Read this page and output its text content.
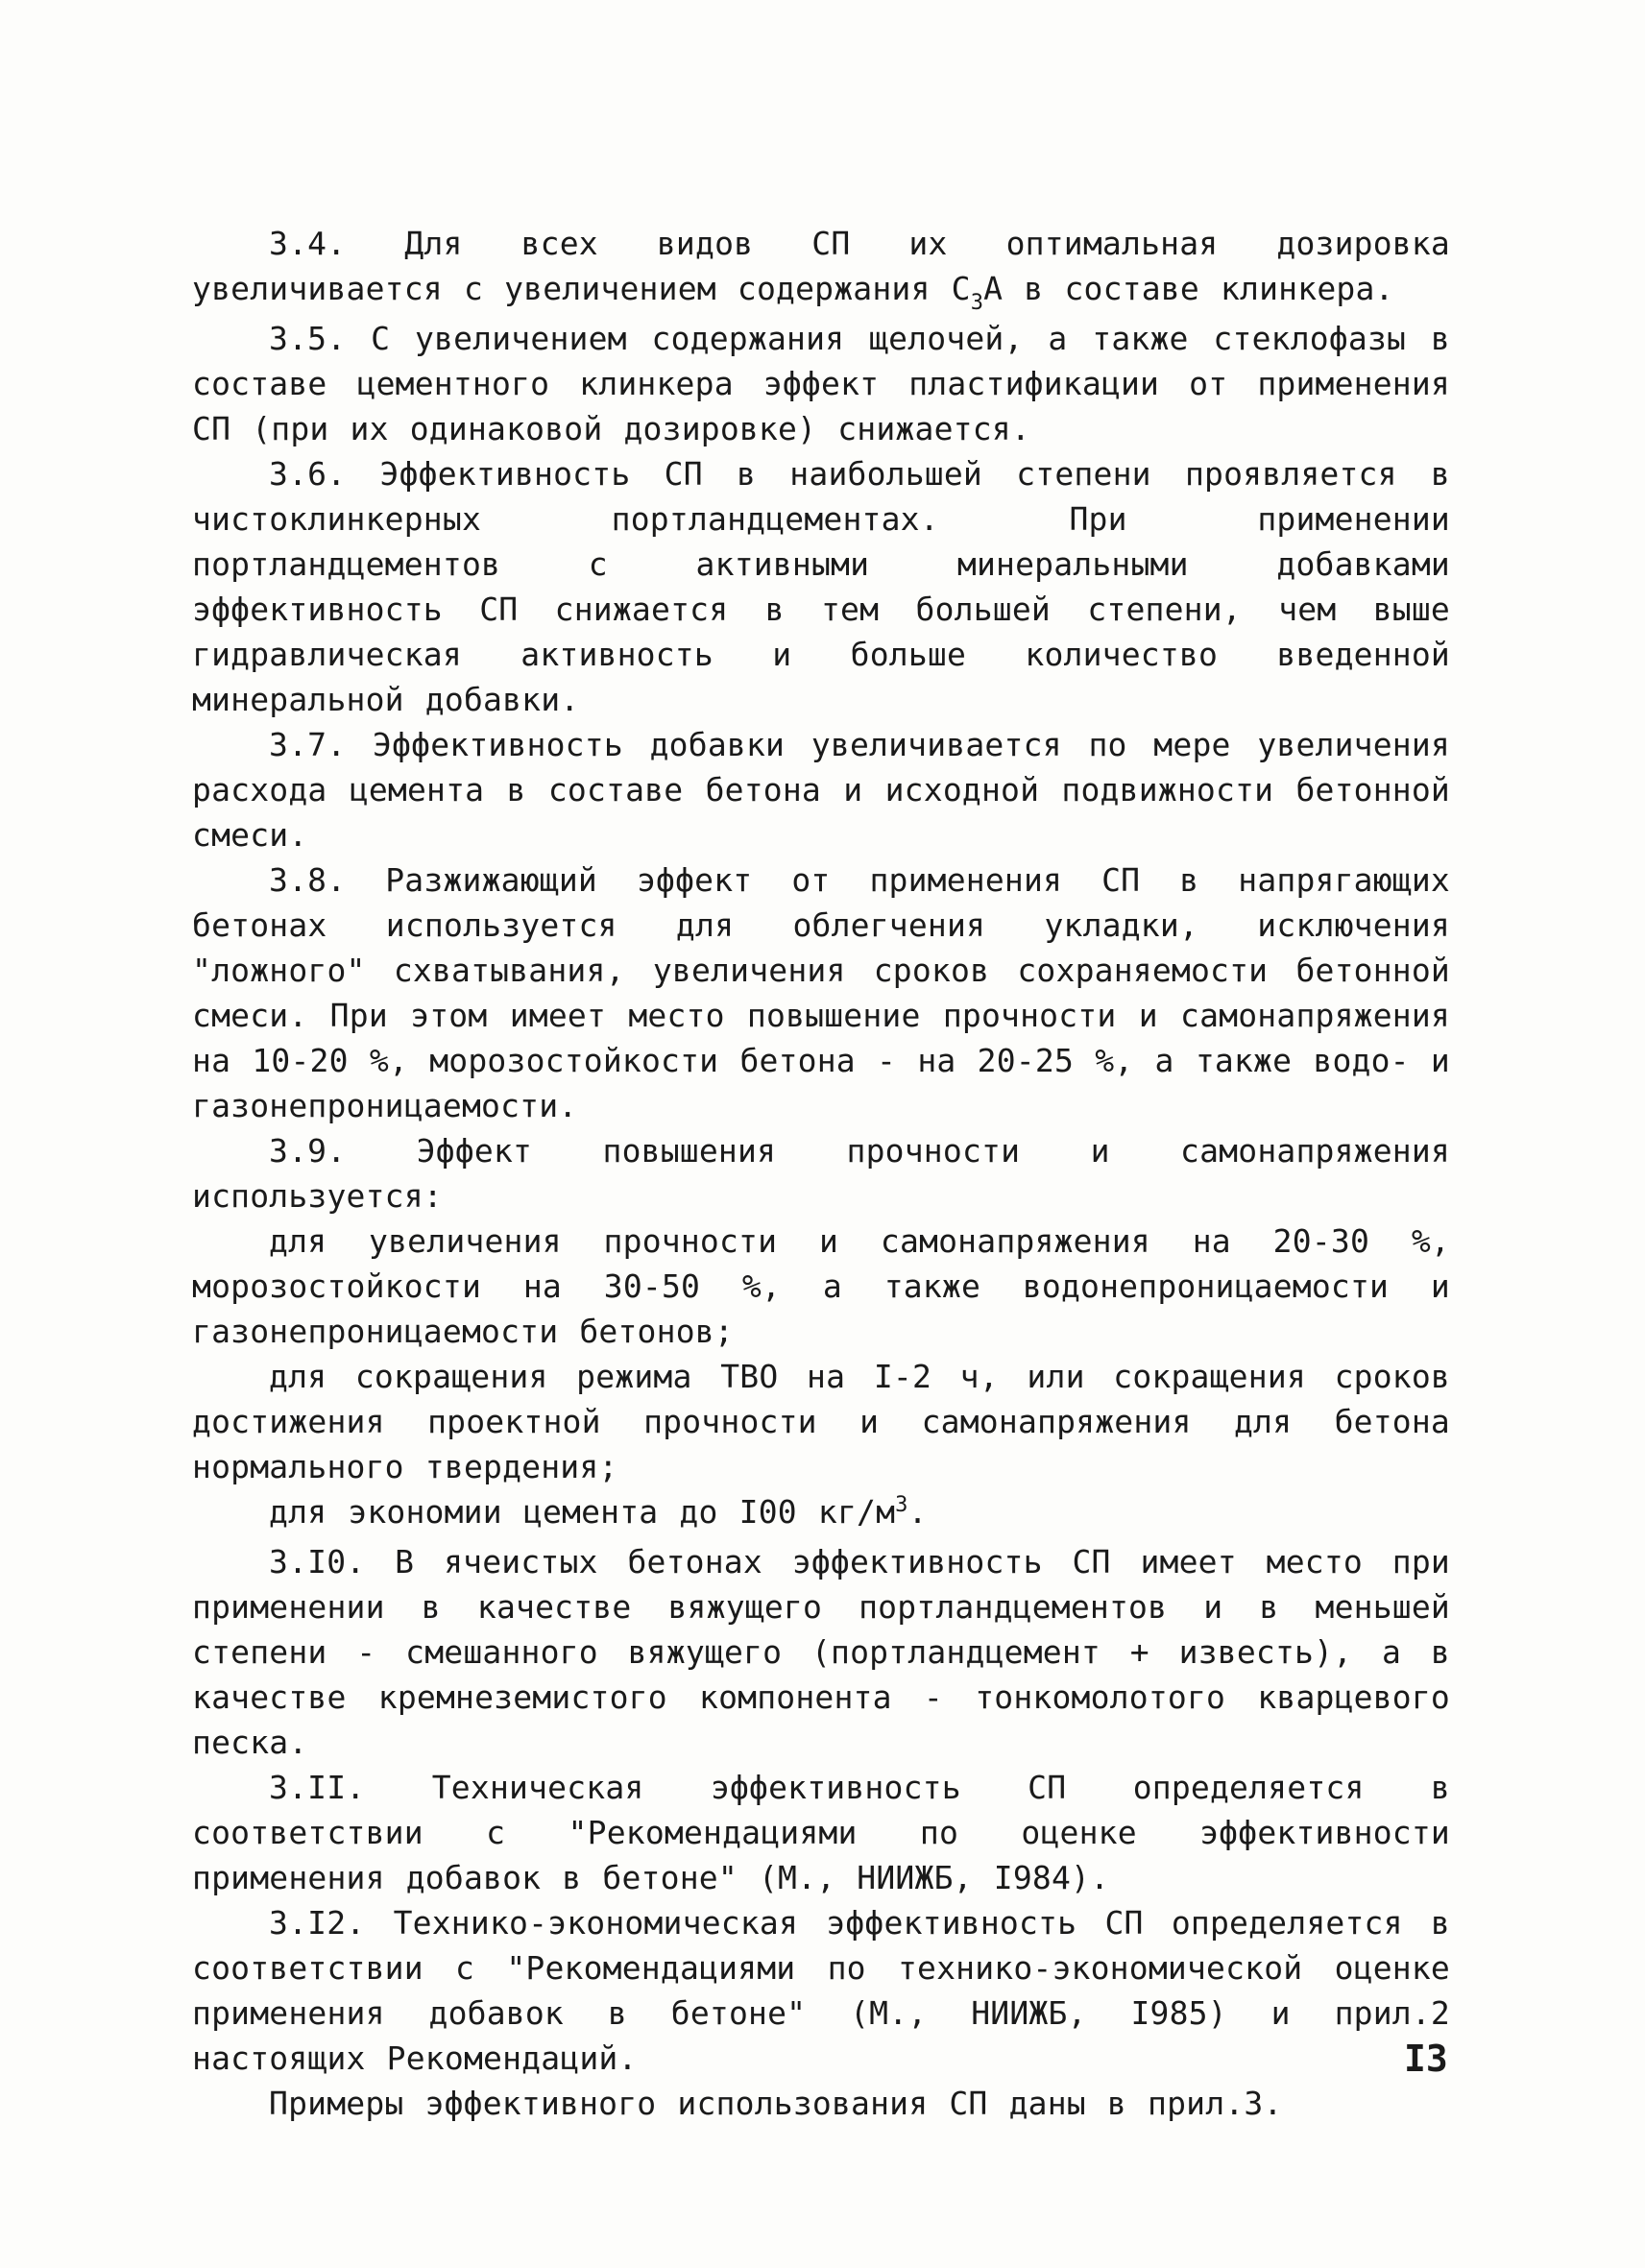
3.4. Для всех видов СП их оптимальная дозировка увеличивается с увеличением содержания $С_3А$ в составе клинкера.

3.5. С увеличением содержания щелочей, а также стеклофазы в составе цементного клинкера эффект пластификации от применения СП (при их одинаковой дозировке) снижается.

3.6. Эффективность СП в наибольшей степени проявляется в чистоклинкерных портландцементах. При применении портландцементов с активными минеральными добавками эффективность СП снижается в тем большей степени, чем выше гидравлическая активность и больше количество введенной минеральной добавки.

3.7. Эффективность добавки увеличивается по мере увеличения расхода цемента в составе бетона и исходной подвижности бетонной смеси.

3.8. Разжижающий эффект от применения СП в напрягающих бетонах используется для облегчения укладки, исключения "ложного" схватывания, увеличения сроков сохраняемости бетонной смеси. При этом имеет место повышение прочности и самонапряжения на 10-20 %, морозостойкости бетона - на 20-25 %, а также водо- и газонепроницаемости.

3.9. Эффект повышения прочности и самонапряжения используется:

для увеличения прочности и самонапряжения на 20-30 %, морозостойкости на 30-50 %, а также водонепроницаемости и газонепроницаемости бетонов;

для сокращения режима ТВО на I-2 ч, или сокращения сроков достижения проектной прочности и самонапряжения для бетона нормального твердения;

для экономии цемента до I00 $кг/м^3$.

3.I0. В ячеистых бетонах эффективность СП имеет место при применении в качестве вяжущего портландцементов и в меньшей степени - смешанного вяжущего (портландцемент + известь), а в качестве кремнеземистого компонента - тонкомолотого кварцевого песка.

3.II. Техническая эффективность СП определяется в соответствии с "Рекомендациями по оценке эффективности применения добавок в бетоне" (М., НИИЖБ, I984).

3.I2. Технико-экономическая эффективность СП определяется в соответствии с "Рекомендациями по технико-экономической оценке применения добавок в бетоне" (М., НИИЖБ, I985) и прил.2 настоящих Рекомендаций.

Примеры эффективного использования СП даны в прил.3.

I3
